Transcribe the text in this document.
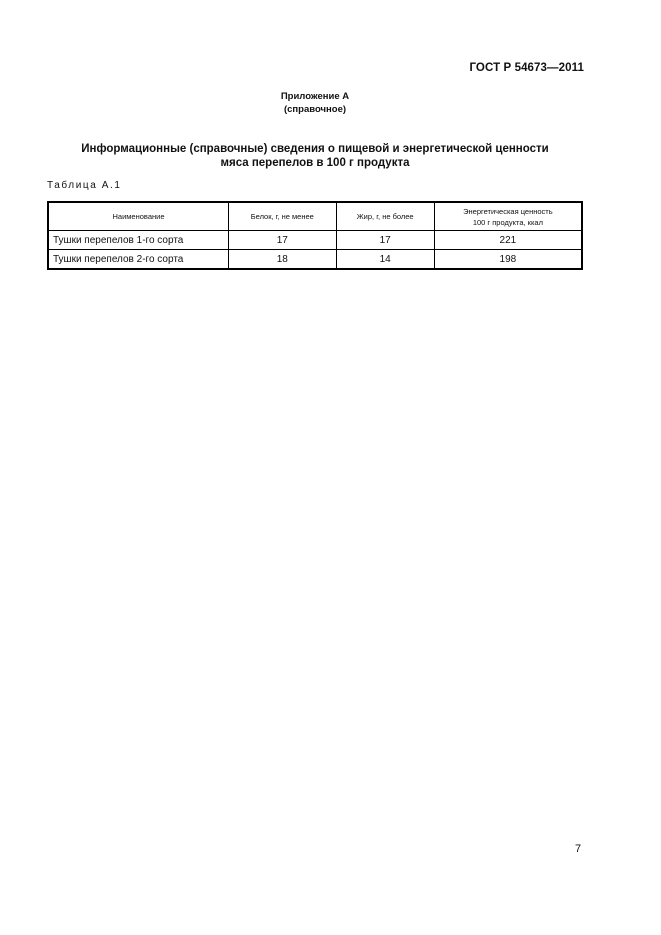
ГОСТ Р 54673—2011
Приложение А
(справочное)
Информационные (справочные) сведения о пищевой и энергетической ценности
мяса перепелов в 100 г продукта
Таблица А.1
Наименование	Белок, г, не менее	Жир, г, не более	Энергетическая ценность
100 г продукта, ккал
Тушки перепелов 1-го сорта	17	17	221
Тушки перепелов 2-го сорта	18	14	198
7
